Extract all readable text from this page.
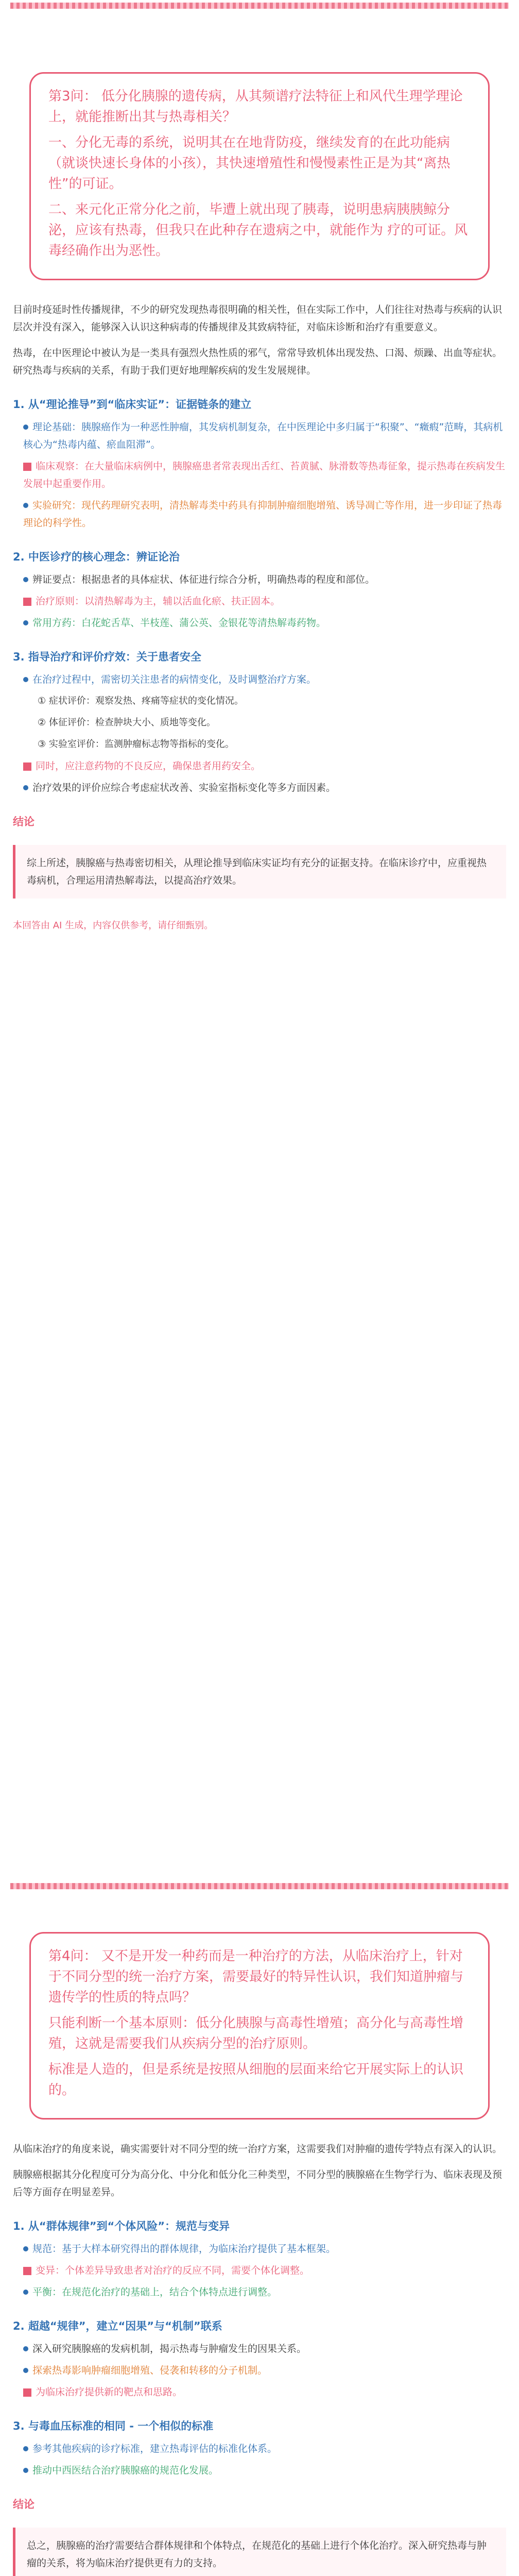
第3问： 低分化胰腺的遗传病，从其频谱疗法特征上和风代生理学理论上，就能推断出其与热毒相关？

一、分化无毒的系统，说明其在在地背防疫，继续发育的在此功能病（就谈快速长身体的小孩），其快速增殖性和慢慢素性正是为其“离热性”的可证。

二、来元化正常分化之前，毕遭上就出现了胰毒，说明患病胰胰鲸分泌，应该有热毒，但我只在此种存在遗病之中，就能作为 疗的可证。风毒经确作出为恶性。

目前时疫延时性传播规律，不少的研究发现热毒很明确的相关性，但在实际工作中，人们往往对热毒与疾病的认识层次并没有深入，能够深入认识这种病毒的传播规律及其致病特征，对临床诊断和治疗有重要意义。
热毒，在中医理论中被认为是一类具有强烈火热性质的邪气，常常导致机体出现发热、口渴、烦躁、出血等症状。研究热毒与疾病的关系，有助于我们更好地理解疾病的发生发展规律。
1. 从“理论推导”到“临床实证”：证据链条的建立
理论基础：胰腺癌作为一种恶性肿瘤，其发病机制复杂，在中医理论中多归属于“积聚”、“癥瘕”范畴，其病机核心为“热毒内蕴、瘀血阻滞”。
临床观察：在大量临床病例中，胰腺癌患者常表现出舌红、苔黄腻、脉滑数等热毒征象，提示热毒在疾病发生发展中起重要作用。
实验研究：现代药理研究表明，清热解毒类中药具有抑制肿瘤细胞增殖、诱导凋亡等作用，进一步印证了热毒理论的科学性。
2. 中医诊疗的核心理念：辨证论治
辨证要点：根据患者的具体症状、体征进行综合分析，明确热毒的程度和部位。
治疗原则：以清热解毒为主，辅以活血化瘀、扶正固本。
常用方药：白花蛇舌草、半枝莲、蒲公英、金银花等清热解毒药物。
3. 指导治疗和评价疗效：关于患者安全
在治疗过程中，需密切关注患者的病情变化，及时调整治疗方案。
① 症状评价：观察发热、疼痛等症状的变化情况。
② 体征评价：检查肿块大小、质地等变化。
③ 实验室评价：监测肿瘤标志物等指标的变化。
同时，应注意药物的不良反应，确保患者用药安全。
治疗效果的评价应综合考虑症状改善、实验室指标变化等多方面因素。
结论
综上所述，胰腺癌与热毒密切相关，从理论推导到临床实证均有充分的证据支持。在临床诊疗中，应重视热毒病机，合理运用清热解毒法，以提高治疗效果。
本回答由 AI 生成，内容仅供参考，请仔细甄别。

第4问： 又不是开发一种药而是一种治疗的方法，从临床治疗上，针对于不同分型的统一治疗方案，需要最好的特异性认识，我们知道肿瘤与遗传学的性质的特点吗？

只能利断一个基本原则：低分化胰腺与高毒性增殖；高分化与高毒性增殖，这就是需要我们从疾病分型的治疗原则。

标准是人造的，但是系统是按照从细胞的层面来给它开展实际上的认识的。

从临床治疗的角度来说，确实需要针对不同分型的统一治疗方案，这需要我们对肿瘤的遗传学特点有深入的认识。
胰腺癌根据其分化程度可分为高分化、中分化和低分化三种类型，不同分型的胰腺癌在生物学行为、临床表现及预后等方面存在明显差异。
1. 从“群体规律”到“个体风险”：规范与变异
规范：基于大样本研究得出的群体规律，为临床治疗提供了基本框架。
变异：个体差异导致患者对治疗的反应不同，需要个体化调整。
平衡：在规范化治疗的基础上，结合个体特点进行调整。
2. 超越“规律”，建立“因果”与“机制”联系
深入研究胰腺癌的发病机制，揭示热毒与肿瘤发生的因果关系。
探索热毒影响肿瘤细胞增殖、侵袭和转移的分子机制。
为临床治疗提供新的靶点和思路。
3. 与毒血压标准的相同 - 一个相似的标准
参考其他疾病的诊疗标准，建立热毒评估的标准化体系。
推动中西医结合治疗胰腺癌的规范化发展。
结论
总之，胰腺癌的治疗需要结合群体规律和个体特点，在规范化的基础上进行个体化治疗。深入研究热毒与肿瘤的关系，将为临床治疗提供更有力的支持。
